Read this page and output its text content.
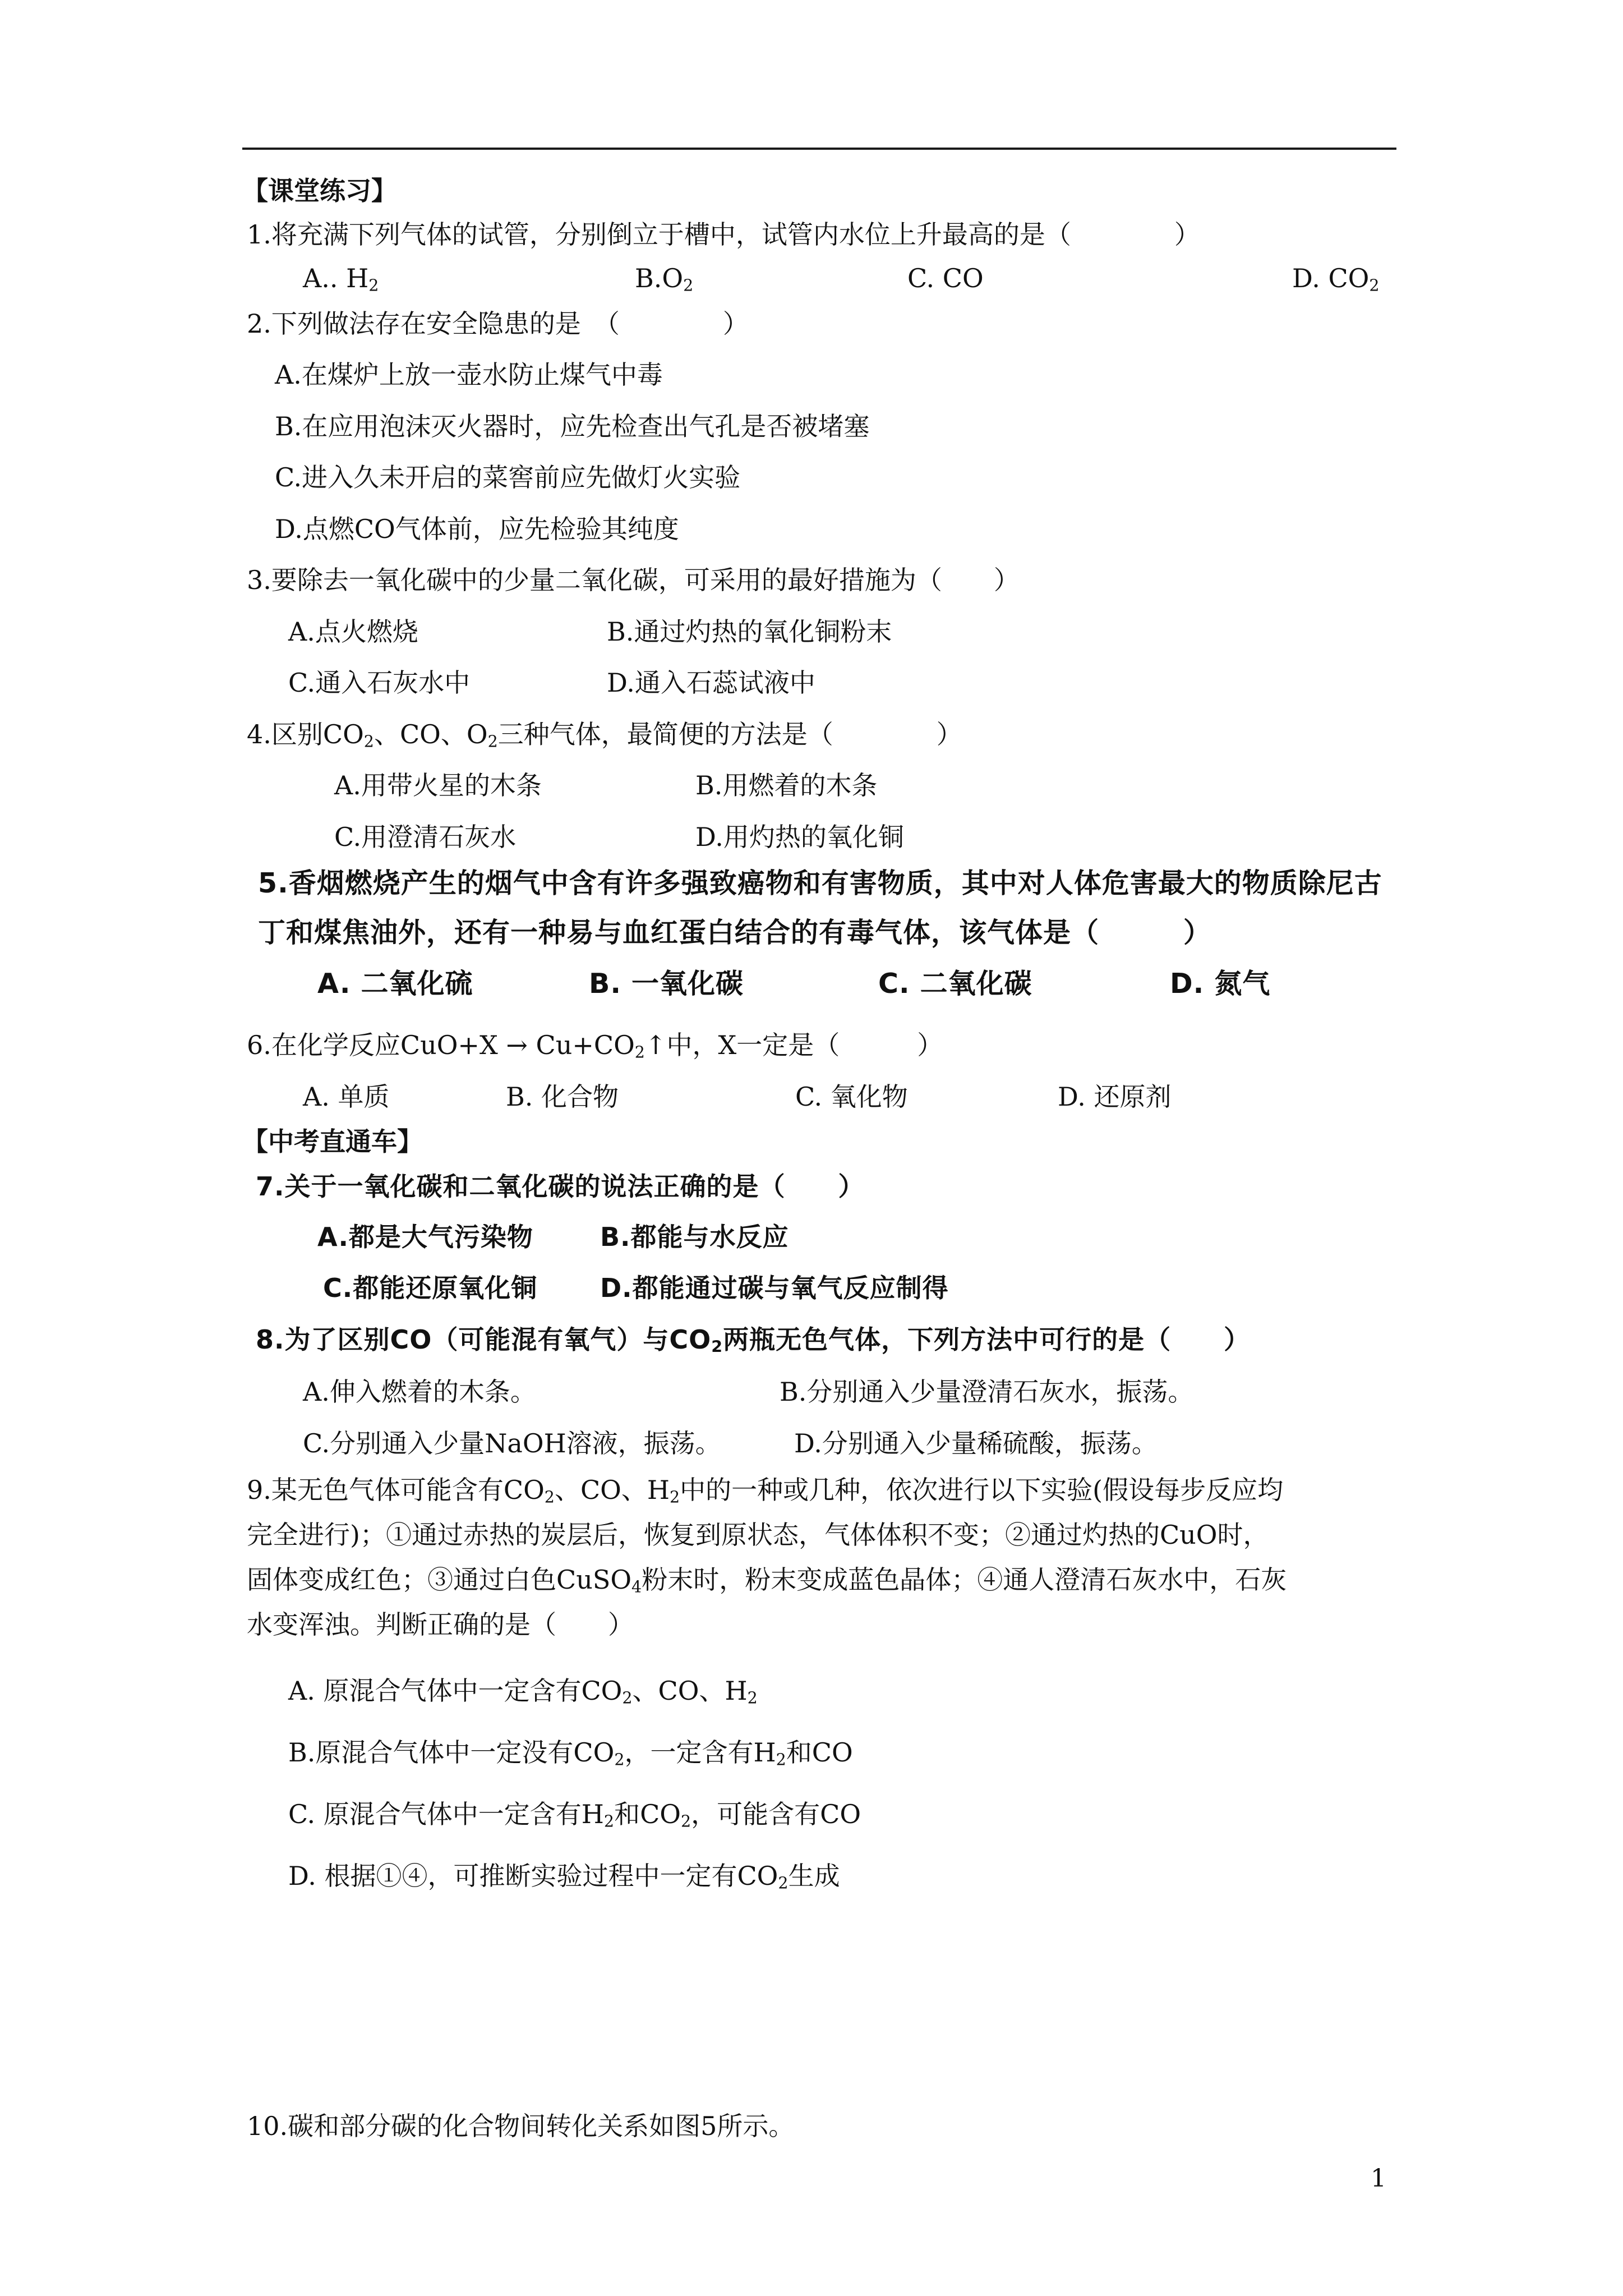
【课堂练习】
1.将充满下列气体的试管，分别倒立于槽中，试管内水位上升最高的是（　　　　）
A.. $H_2$	$B.O_2$	C. CO	D. $CO_2$
2.下列做法存在安全隐患的是　（　　　　）
A.在煤炉上放一壶水防止煤气中毒
B.在应用泡沫灭火器时，应先检查出气孔是否被堵塞
C.进入久未开启的菜窖前应先做灯火实验
D.点燃CO气体前，应先检验其纯度
3.要除去一氧化碳中的少量二氧化碳，可采用的最好措施为（　　）
A.点火燃烧	B.通过灼热的氧化铜粉末
C.通入石灰水中	D.通入石蕊试液中
4.区别$CO_2$、CO、$O_2$三种气体，最简便的方法是（　　　　）
A.用带火星的木条	B.用燃着的木条
C.用澄清石灰水	D.用灼热的氧化铜
5.香烟燃烧产生的烟气中含有许多强致癌物和有害物质，其中对人体危害最大的物质除尼古
丁和煤焦油外，还有一种易与血红蛋白结合的有毒气体，该气体是（　　　）
A. 二氧化硫	B. 一氧化碳	C. 二氧化碳	D. 氮气
6.在化学反应$CuO+X \to Cu+CO_2↑$中，X一定是（　　　）
A. 单质	B. 化合物	C. 氧化物	D. 还原剂
【中考直通车】
7.关于一氧化碳和二氧化碳的说法正确的是（　　）
A.都是大气污染物	B.都能与水反应
C.都能还原氧化铜 D.都能通过碳与氧气反应制得
8.为了区别CO（可能混有氧气）与$CO_2$两瓶无色气体，下列方法中可行的是（　　）
A.伸入燃着的木条。	B.分别通入少量澄清石灰水，振荡。
C.分别通入少量NaOH溶液，振荡。	D.分别通入少量稀硫酸，振荡。
9.某无色气体可能含有$CO_2$、CO、$H_2$中的一种或几种，依次进行以下实验(假设每步反应均
完全进行)；①通过赤热的炭层后，恢复到原状态，气体体积不变；②通过灼热的CuO时，
固体变成红色；③通过白色CuSO$_4$粉末时，粉末变成蓝色晶体；④通人澄清石灰水中，石灰
水变浑浊。判断正确的是（　　）
A. 原混合气体中一定含有$CO_2$、CO、$H_2$
B.原混合气体中一定没有$CO_2$，一定含有$H_2$和CO
C. 原混合气体中一定含有$H_2$和$CO_2$，可能含有CO
D. 根据①④，可推断实验过程中一定有$CO_2$生成
10.碳和部分碳的化合物间转化关系如图5所示。
1
